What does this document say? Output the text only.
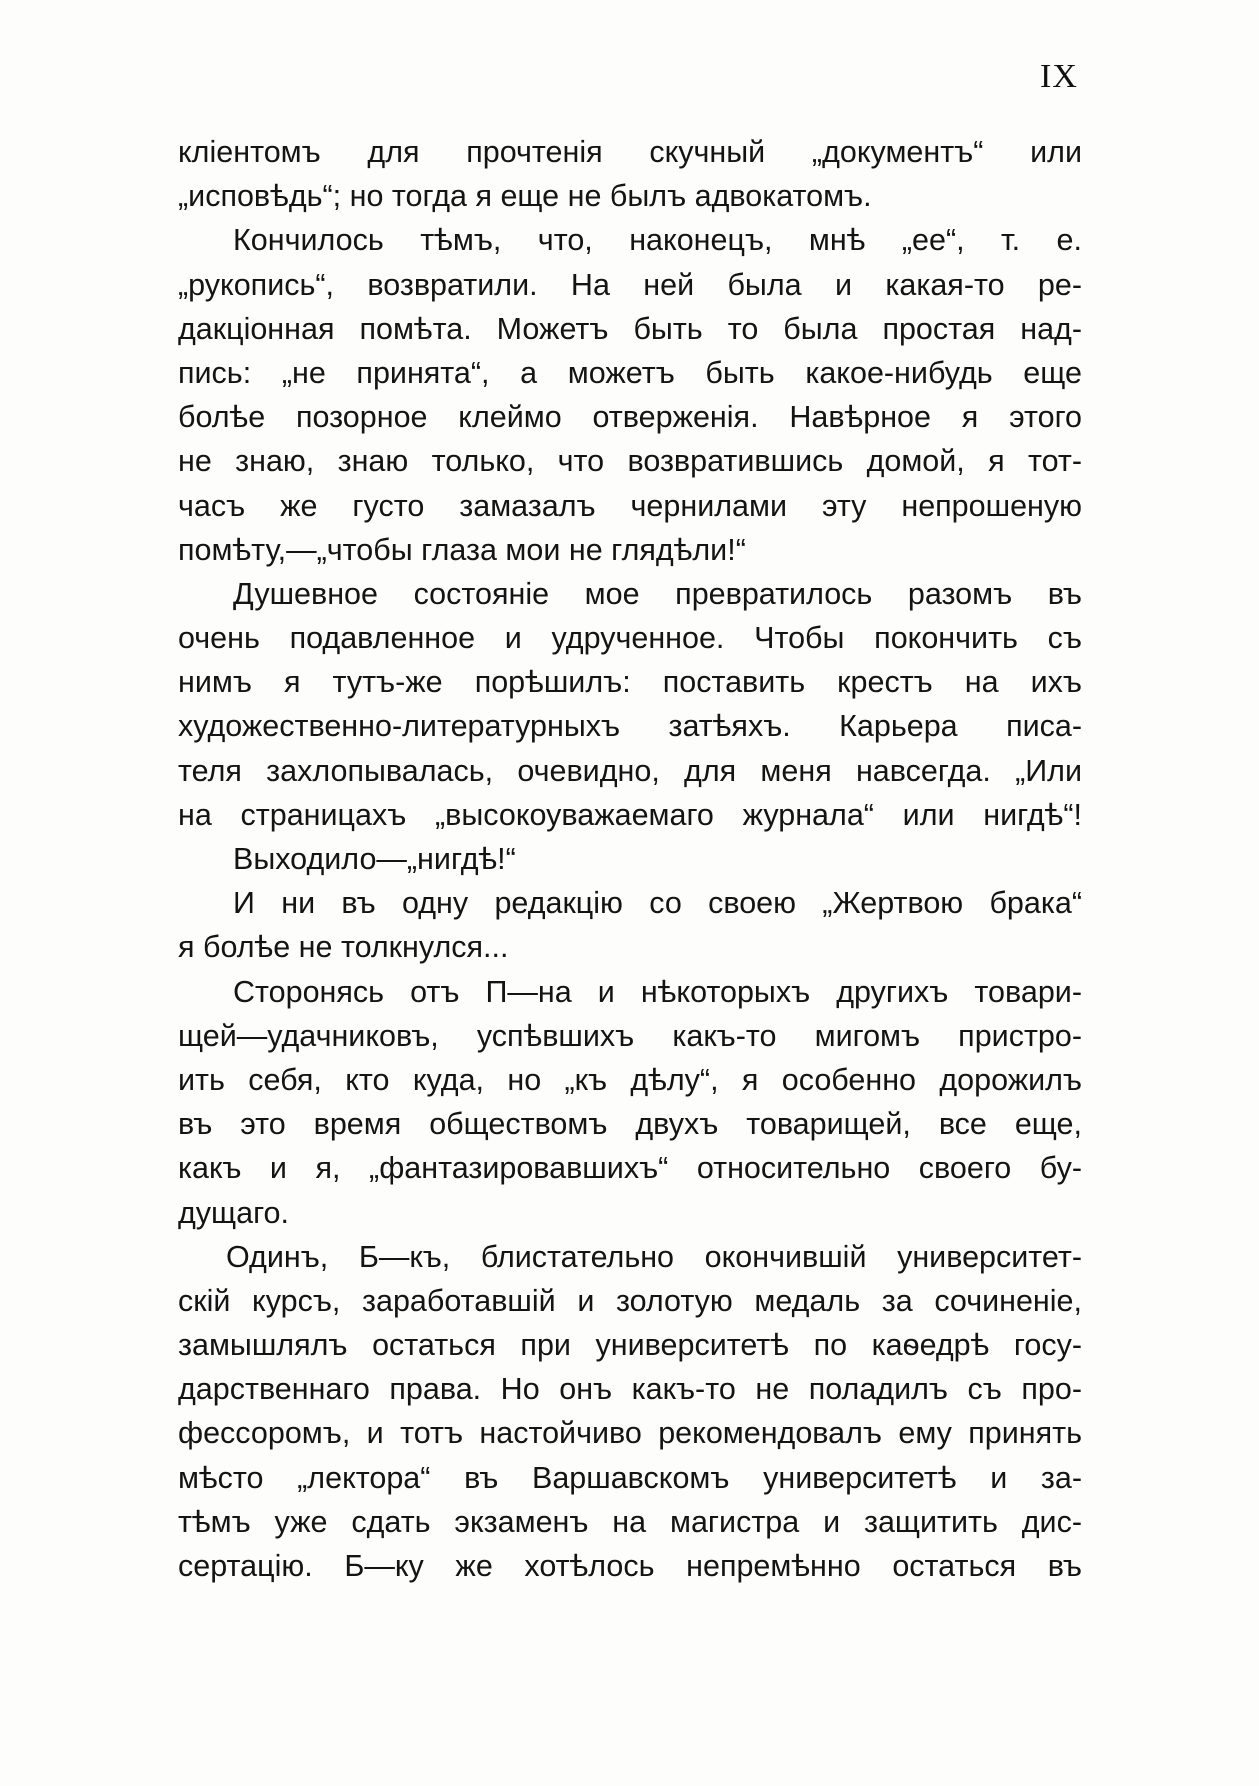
IX
кліентомъ для прочтенія скучный „документъ“ или
„исповѣдь“; но тогда я еще не былъ адвокатомъ.
Кончилось тѣмъ, что, наконецъ, мнѣ „ее“, т. е.
„рукопись“, возвратили. На ней была и какая-то ре-
дакціонная помѣта. Можетъ быть то была простая над-
пись: „не принята“, а можетъ быть какое-нибудь еще
болѣе позорное клеймо отверженія. Навѣрное я этого
не знаю, знаю только, что возвратившись домой, я тот-
часъ же густо замазалъ чернилами эту непрошеную
помѣту,—„чтобы глаза мои не глядѣли!“
Душевное состояніе мое превратилось разомъ въ
очень подавленное и удрученное. Чтобы покончить съ
нимъ я тутъ-же порѣшилъ: поставить крестъ на ихъ
художественно-литературныхъ затѣяхъ. Карьера писа-
теля захлопывалась, очевидно, для меня навсегда. „Или
на страницахъ „высокоуважаемаго журнала“ или нигдѣ“!
Выходило—„нигдѣ!“
И ни въ одну редакцію со своею „Жертвою брака“
я болѣе не толкнулся...
Сторонясь отъ П—на и нѣкоторыхъ другихъ товари-
щей—удачниковъ, успѣвшихъ какъ-то мигомъ пристро-
ить себя, кто куда, но „къ дѣлу“, я особенно дорожилъ
въ это время обществомъ двухъ товарищей, все еще,
какъ и я, „фантазировавшихъ“ относительно своего бу-
дущаго.
Одинъ, Б—къ, блистательно окончившій университет-
скій курсъ, заработавшій и золотую медаль за сочиненіе,
замышлялъ остаться при университетѣ по каѳедрѣ госу-
дарственнаго права. Но онъ какъ-то не поладилъ съ про-
фессоромъ, и тотъ настойчиво рекомендовалъ ему принять
мѣсто „лектора“ въ Варшавскомъ университетѣ и за-
тѣмъ уже сдать экзаменъ на магистра и защитить дис-
сертацію. Б—ку же хотѣлось непремѣнно остаться въ
